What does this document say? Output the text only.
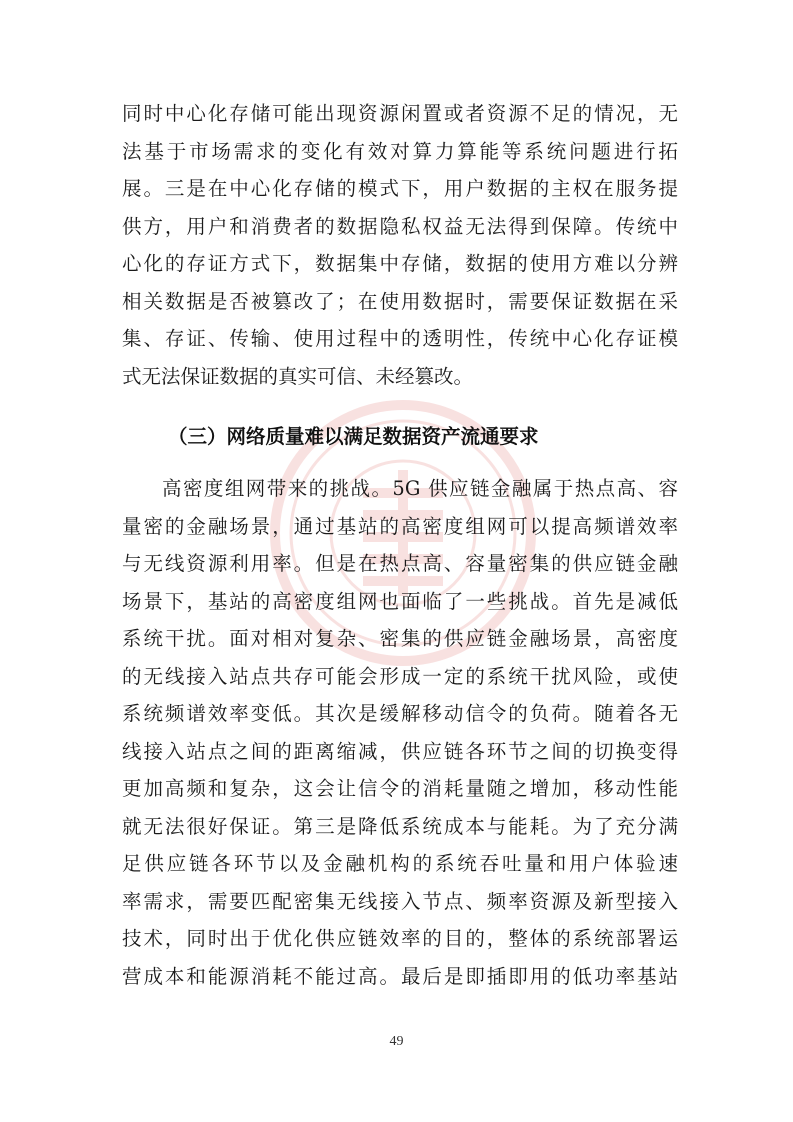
同时中心化存储可能出现资源闲置或者资源不足的情况，无
法基于市场需求的变化有效对算力算能等系统问题进行拓
展。三是在中心化存储的模式下，用户数据的主权在服务提
供方，用户和消费者的数据隐私权益无法得到保障。传统中
心化的存证方式下，数据集中存储，数据的使用方难以分辨
相关数据是否被篡改了；在使用数据时，需要保证数据在采
集、存证、传输、使用过程中的透明性，传统中心化存证模
式无法保证数据的真实可信、未经篡改。
（三）网络质量难以满足数据资产流通要求
高密度组网带来的挑战。5G 供应链金融属于热点高、容
量密的金融场景，通过基站的高密度组网可以提高频谱效率
与无线资源利用率。但是在热点高、容量密集的供应链金融
场景下，基站的高密度组网也面临了一些挑战。首先是减低
系统干扰。面对相对复杂、密集的供应链金融场景，高密度
的无线接入站点共存可能会形成一定的系统干扰风险，或使
系统频谱效率变低。其次是缓解移动信令的负荷。随着各无
线接入站点之间的距离缩减，供应链各环节之间的切换变得
更加高频和复杂，这会让信令的消耗量随之增加，移动性能
就无法很好保证。第三是降低系统成本与能耗。为了充分满
足供应链各环节以及金融机构的系统吞吐量和用户体验速
率需求，需要匹配密集无线接入节点、频率资源及新型接入
技术，同时出于优化供应链效率的目的，整体的系统部署运
营成本和能源消耗不能过高。最后是即插即用的低功率基站
49
